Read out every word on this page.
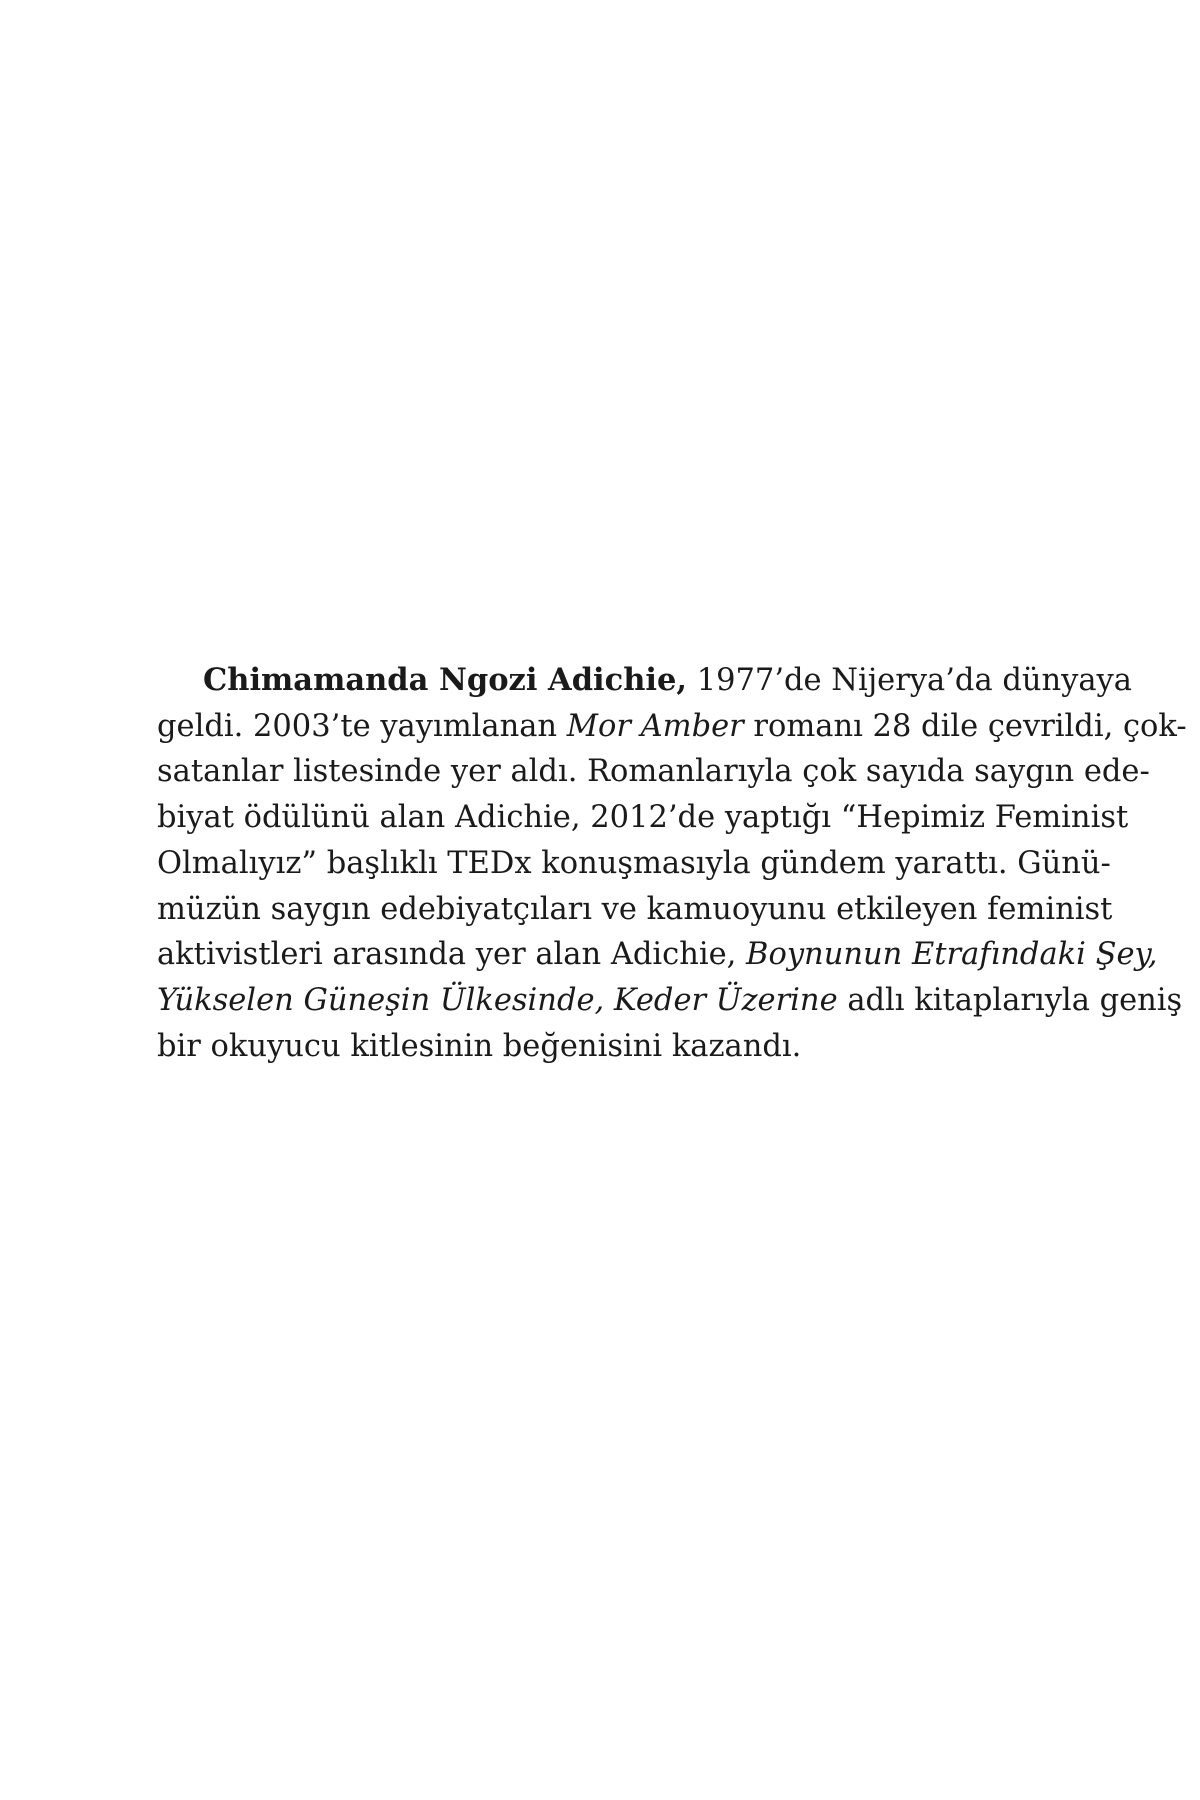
Chimamanda Ngozi Adichie, 1977’de Nijerya’da dünyaya
geldi. 2003’te yayımlanan Mor Amber romanı 28 dile çevrildi, çok-
satanlar listesinde yer aldı. Romanlarıyla çok sayıda saygın ede-
biyat ödülünü alan Adichie, 2012’de yaptığı “Hepimiz Feminist
Olmalıyız” başlıklı TEDx konuşmasıyla gündem yarattı. Günü-
müzün saygın edebiyatçıları ve kamuoyunu etkileyen feminist
aktivistleri arasında yer alan Adichie, Boynunun Etrafındaki Şey,
Yükselen Güneşin Ülkesinde, Keder Üzerine adlı kitaplarıyla geniş
bir okuyucu kitlesinin beğenisini kazandı.
